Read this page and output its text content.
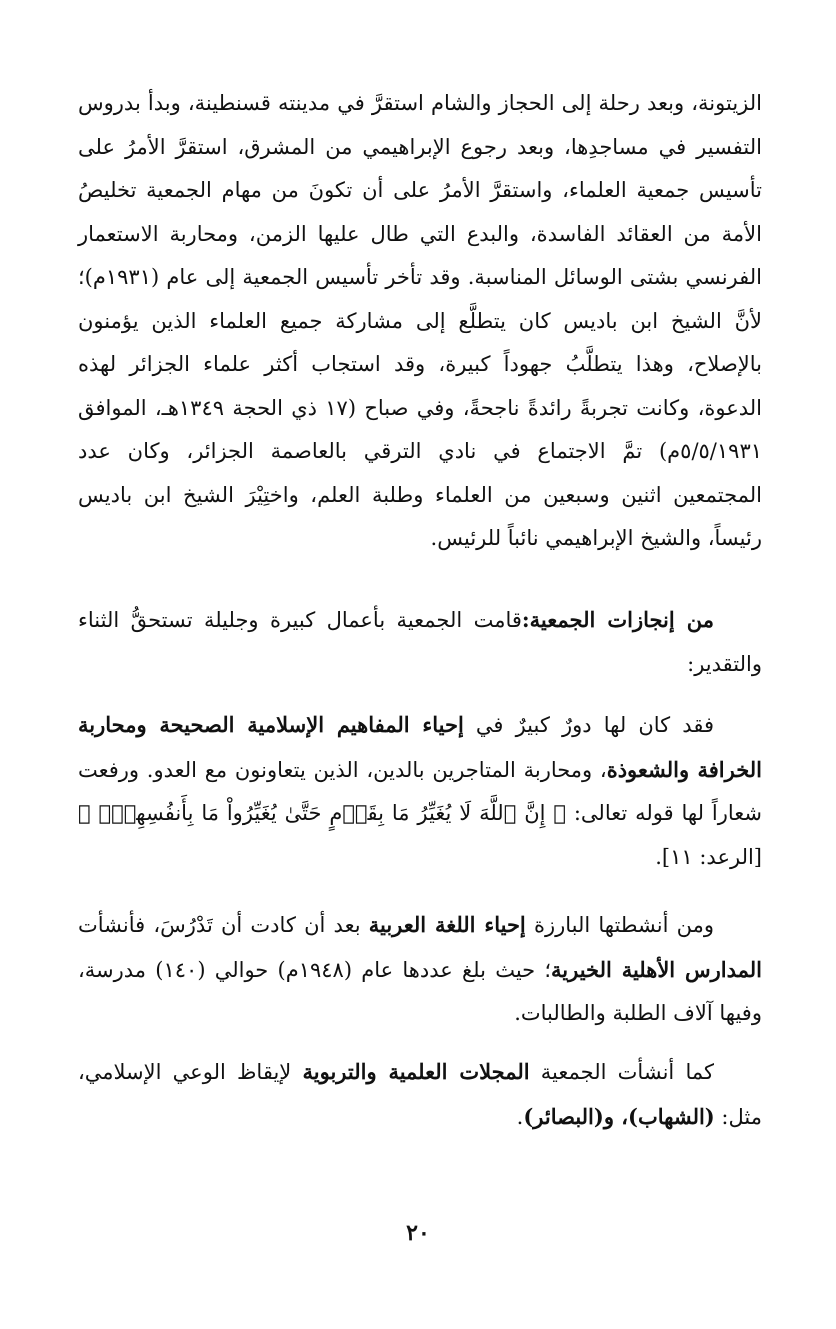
الزيتونة، وبعد رحلة إلى الحجاز والشام استقرَّ في مدينته قسنطينة، وبدأ بدروس التفسير في مساجدِها، وبعد رجوع الإبراهيمي من المشرق، استقرَّ الأمرُ على تأسيس جمعية العلماء، واستقرَّ الأمرُ على أن تكونَ من مهام الجمعية تخليصُ الأمة من العقائد الفاسدة، والبدع التي طال عليها الزمن، ومحاربة الاستعمار الفرنسي بشتى الوسائل المناسبة. وقد تأخر تأسيس الجمعية إلى عام (١٩٣١م)؛ لأنَّ الشيخ ابن باديس كان يتطلَّع إلى مشاركة جميع العلماء الذين يؤمنون بالإصلاح، وهذا يتطلَّبُ جهوداً كبيرة، وقد استجاب أكثر علماء الجزائر لهذه الدعوة، وكانت تجربةً رائدةً ناجحةً، وفي صباح (١٧ ذي الحجة ١٣٤٩هـ، الموافق ٥/٥/١٩٣١م) تمَّ الاجتماع في نادي الترقي بالعاصمة الجزائر، وكان عدد المجتمعين اثنين وسبعين من العلماء وطلبة العلم، واختِيْرَ الشيخ ابن باديس رئيساً، والشيخ الإبراهيمي نائباً للرئيس.

من إنجازات الجمعية:قامت الجمعية بأعمال كبيرة وجليلة تستحقُّ الثناء والتقدير:

فقد كان لها دورٌ كبيرٌ في إحياء المفاهيم الإسلامية الصحيحة ومحاربة الخرافة والشعوذة، ومحاربة المتاجرين بالدين، الذين يتعاونون مع العدو. ورفعت شعاراً لها قوله تعالى: ﴿ إِنَّ ٱللَّهَ لَا يُغَيِّرُ مَا بِقَوۡمٍ حَتَّىٰ يُغَيِّرُواْ مَا بِأَنفُسِهِمۡۗ ﴾ [الرعد: ١١].

ومن أنشطتها البارزة إحياء اللغة العربية بعد أن كادت أن تَدْرُسَ، فأنشأت المدارس الأهلية الخيرية؛ حيث بلغ عددها عام (١٩٤٨م) حوالي (١٤٠) مدرسة، وفيها آلاف الطلبة والطالبات.

كما أنشأت الجمعية المجلات العلمية والتربوية لإيقاظ الوعي الإسلامي، مثل: (الشهاب)، و(البصائر).

٢٠
